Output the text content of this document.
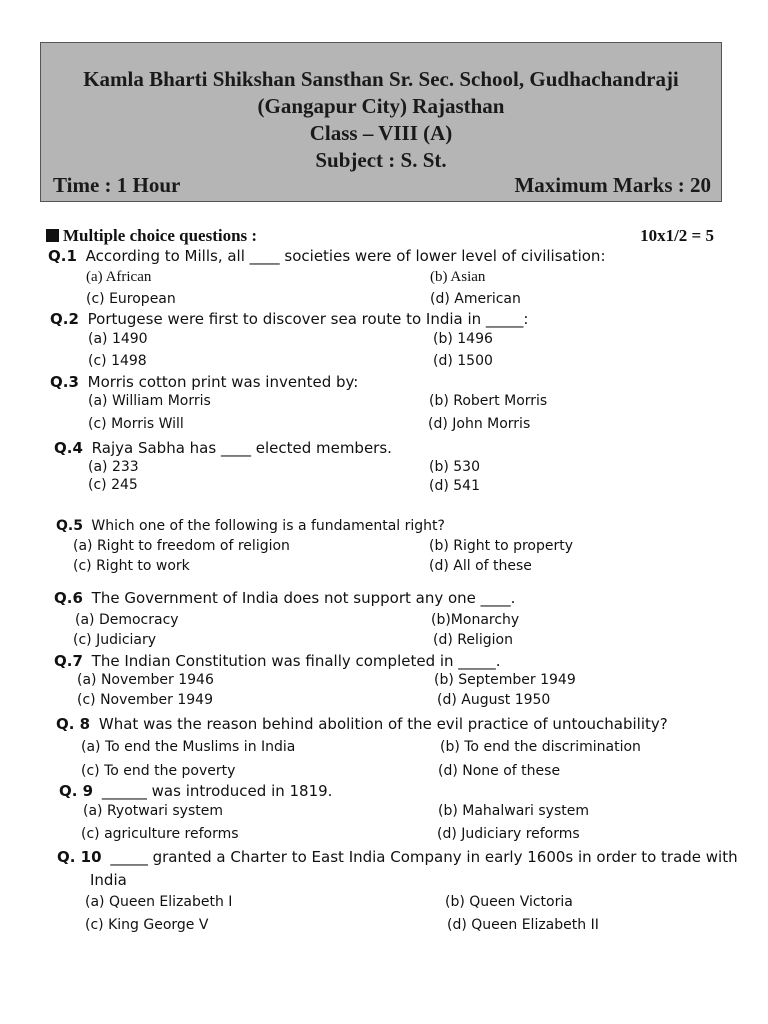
Kamla Bharti Shikshan Sansthan Sr. Sec. School, Gudhachandraji
(Gangapur City) Rajasthan
Class – VIII (A)
Subject : S. St.
Time : 1 Hour	Maximum Marks : 20
Multiple choice questions :	10x1/2 = 5
Q.1 According to Mills, all ____ societies were of lower level of civilisation:
(a) African	(b) Asian
(c) European	(d) American
Q.2 Portugese were first to discover sea route to India in _____:
(a) 1490	(b) 1496
(c) 1498	(d) 1500
Q.3 Morris cotton print was invented by:
(a) William Morris	(b) Robert Morris
(c) Morris Will	(d) John Morris
Q.4 Rajya Sabha has ____ elected members.
(a) 233	(b) 530
(c) 245	(d) 541
Q.5 Which one of the following is a fundamental right?
(a) Right to freedom of religion	(b) Right to property
(c) Right to work	(d) All of these
Q.6 The Government of India does not support any one ____.
(a) Democracy	(b)Monarchy
(c) Judiciary	(d) Religion
Q.7 The Indian Constitution was finally completed in _____.
(a) November 1946	(b) September 1949
(c) November 1949	(d) August 1950
Q. 8 What was the reason behind abolition of the evil practice of untouchability?
(a) To end the Muslims in India	(b) To end the discrimination
(c) To end the poverty	(d) None of these
Q. 9 ______ was introduced in 1819.
(a) Ryotwari system	(b) Mahalwari system
(c) agriculture reforms	(d) Judiciary reforms
Q. 10 _____ granted a Charter to East India Company in early 1600s in order to trade with
India
(a) Queen Elizabeth I	(b) Queen Victoria
(c) King George V	(d) Queen Elizabeth II
